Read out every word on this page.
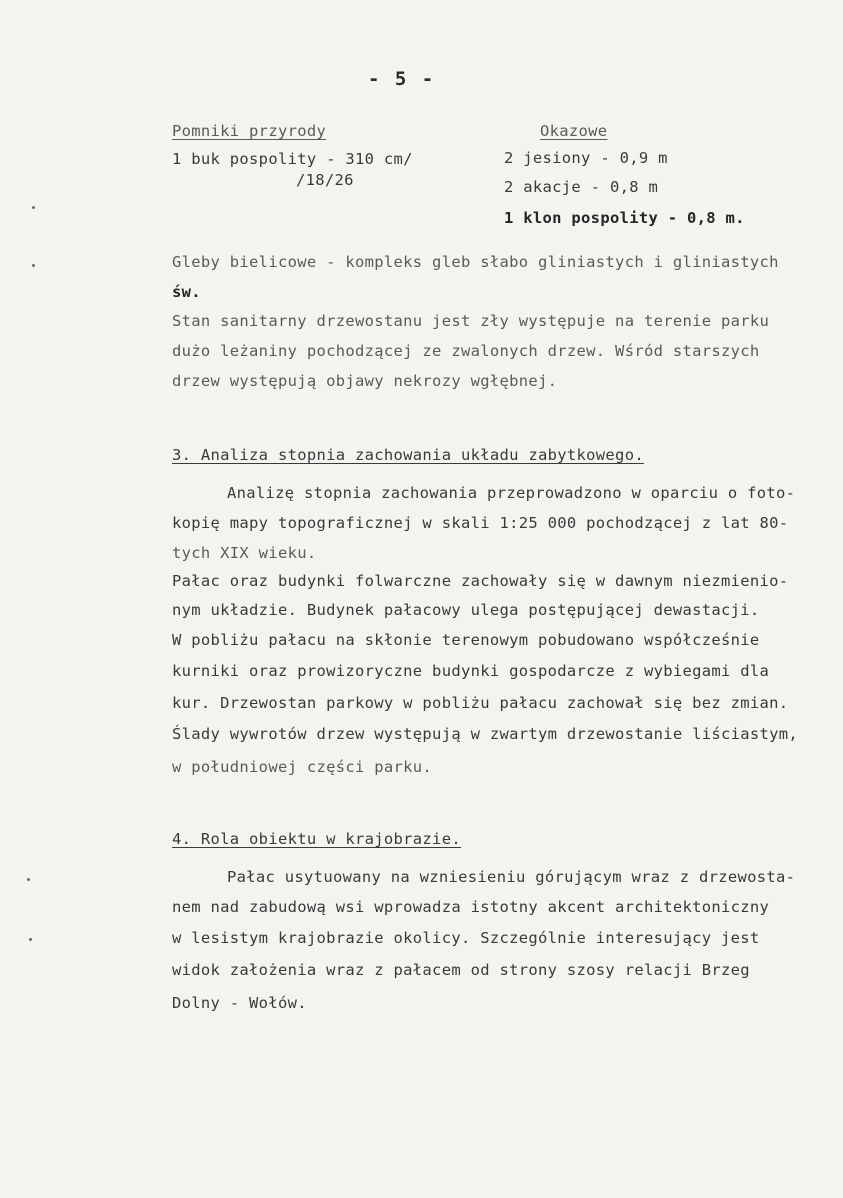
- 5 -
Pomniki przyrody	Okazowe
1 buk pospolity - 310 cm/
/18/26
2 jesiony - 0,9 m
2 akacje - 0,8 m
1 klon pospolity - 0,8 m.
Gleby bielicowe - kompleks gleb słabo gliniastych i gliniastych
św.
Stan sanitarny drzewostanu jest zły występuje na terenie parku
dużo leżaniny pochodzącej ze zwalonych drzew. Wśród starszych
drzew występują objawy nekrozy wgłębnej.
3. Analiza stopnia zachowania układu zabytkowego.
Analizę stopnia zachowania przeprowadzono w oparciu o foto-
kopię mapy topograficznej w skali 1:25 000 pochodzącej z lat 80-
tych XIX wieku.
Pałac oraz budynki folwarczne zachowały się w dawnym niezmienio-
nym układzie. Budynek pałacowy ulega postępującej dewastacji.
W pobliżu pałacu na skłonie terenowym pobudowano współcześnie
kurniki oraz prowizoryczne budynki gospodarcze z wybiegami dla
kur. Drzewostan parkowy w pobliżu pałacu zachował się bez zmian.
Ślady wywrotów drzew występują w zwartym drzewostanie liściastym,
w południowej części parku.
4. Rola obiektu w krajobrazie.
Pałac usytuowany na wzniesieniu górującym wraz z drzewosta-
nem nad zabudową wsi wprowadza istotny akcent architektoniczny
w lesistym krajobrazie okolicy. Szczególnie interesujący jest
widok założenia wraz z pałacem od strony szosy relacji Brzeg
Dolny - Wołów.
